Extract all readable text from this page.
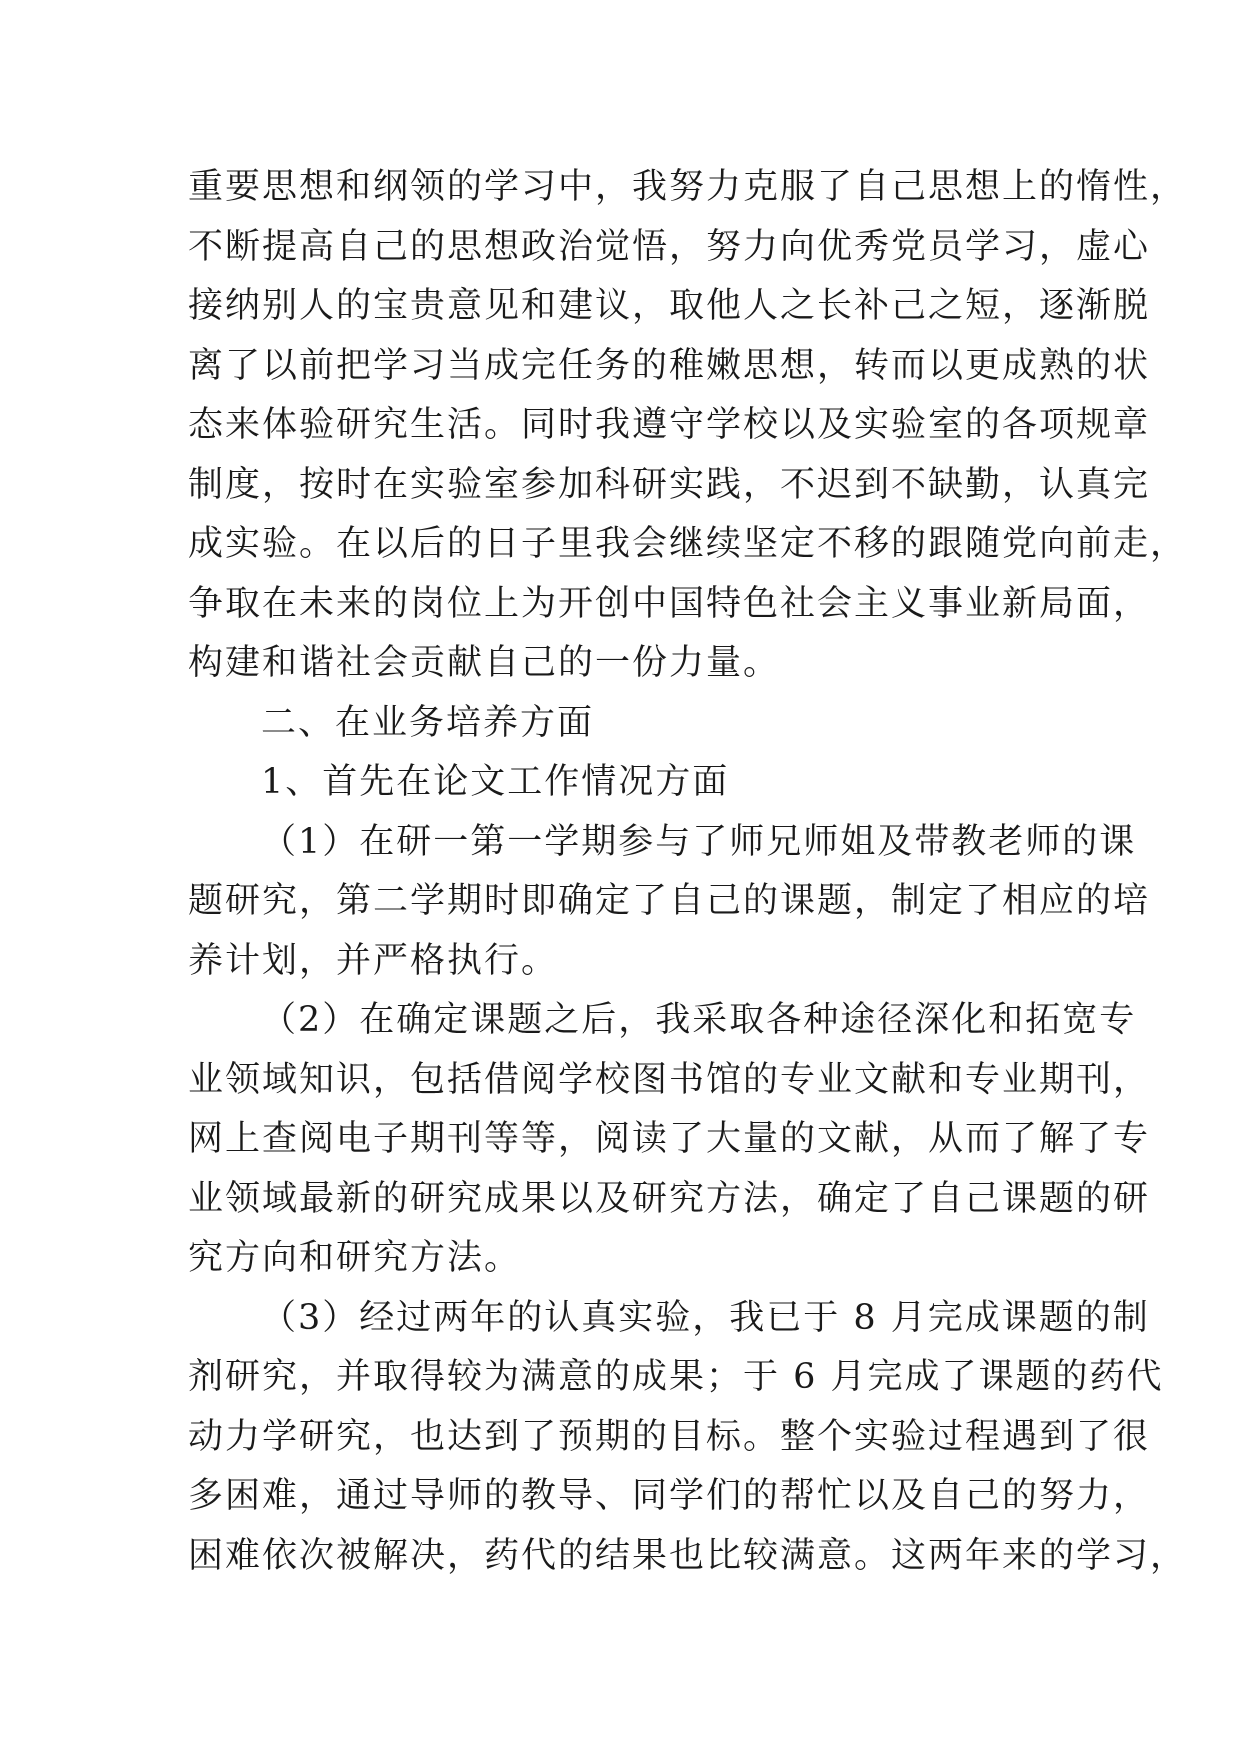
重要思想和纲领的学习中，我努力克服了自己思想上的惰性，
不断提高自己的思想政治觉悟，努力向优秀党员学习，虚心
接纳别人的宝贵意见和建议，取他人之长补己之短，逐渐脱
离了以前把学习当成完任务的稚嫩思想，转而以更成熟的状
态来体验研究生活。同时我遵守学校以及实验室的各项规章
制度，按时在实验室参加科研实践，不迟到不缺勤，认真完
成实验。在以后的日子里我会继续坚定不移的跟随党向前走，
争取在未来的岗位上为开创中国特色社会主义事业新局面，
构建和谐社会贡献自己的一份力量。
二、在业务培养方面
1、首先在论文工作情况方面
（1）在研一第一学期参与了师兄师姐及带教老师的课
题研究，第二学期时即确定了自己的课题，制定了相应的培
养计划，并严格执行。
（2）在确定课题之后，我采取各种途径深化和拓宽专
业领域知识，包括借阅学校图书馆的专业文献和专业期刊，
网上查阅电子期刊等等，阅读了大量的文献，从而了解了专
业领域最新的研究成果以及研究方法，确定了自己课题的研
究方向和研究方法。
（3）经过两年的认真实验，我已于 8 月完成课题的制
剂研究，并取得较为满意的成果；于 6 月完成了课题的药代
动力学研究，也达到了预期的目标。整个实验过程遇到了很
多困难，通过导师的教导、同学们的帮忙以及自己的努力，
困难依次被解决，药代的结果也比较满意。这两年来的学习，
